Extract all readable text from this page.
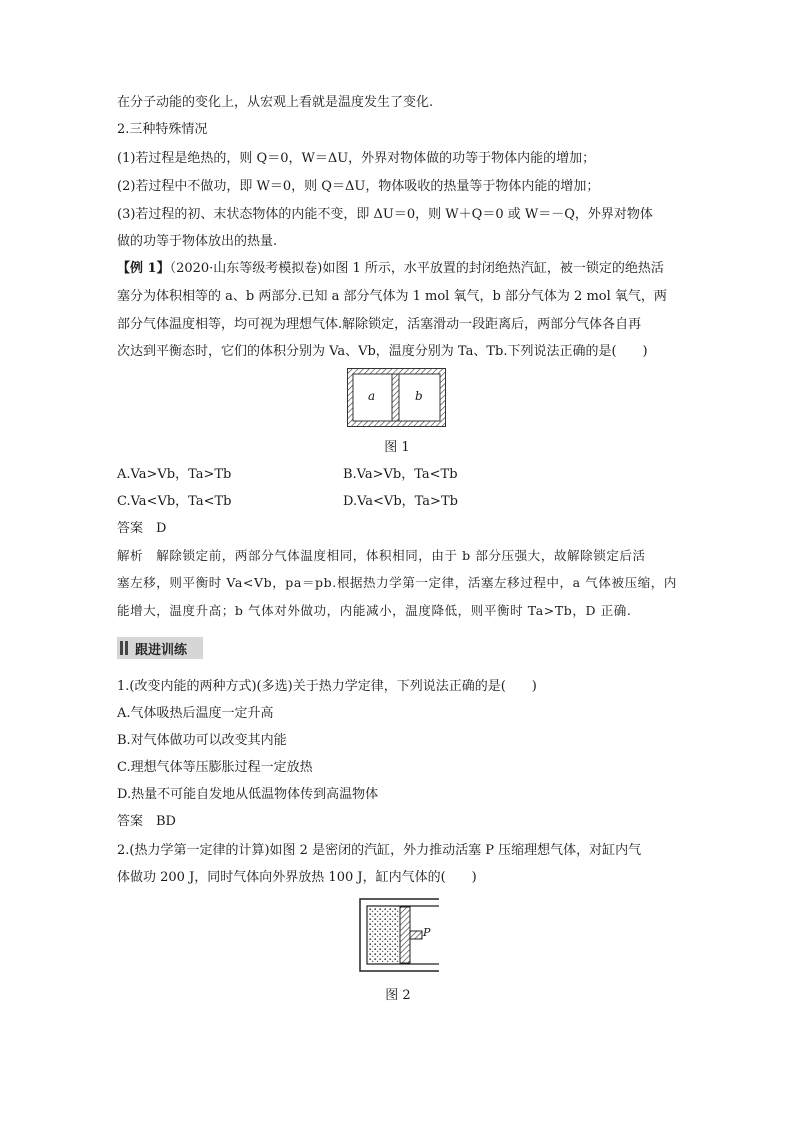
在分子动能的变化上，从宏观上看就是温度发生了变化.
2.三种特殊情况
(1)若过程是绝热的，则 Q＝0，W＝ΔU，外界对物体做的功等于物体内能的增加；
(2)若过程中不做功，即 W＝0，则 Q＝ΔU，物体吸收的热量等于物体内能的增加；
(3)若过程的初、末状态物体的内能不变，即 ΔU＝0，则 W＋Q＝0 或 W＝－Q，外界对物体
做的功等于物体放出的热量.
【例 1】（2020·山东等级考模拟卷)如图 1 所示，水平放置的封闭绝热汽缸，被一锁定的绝热活
塞分为体积相等的 a、b 两部分.已知 a 部分气体为 1 mol 氧气，b 部分气体为 2 mol 氧气，两
部分气体温度相等，均可视为理想气体.解除锁定，活塞滑动一段距离后，两部分气体各自再
次达到平衡态时，它们的体积分别为 Va、Vb，温度分别为 Ta、Tb.下列说法正确的是(　　)
a	b
图 1
A.Va>Vb，Ta>Tb	B.Va>Vb，Ta<Tb
C.Va<Vb，Ta<Tb	D.Va<Vb，Ta>Tb
答案　D
解析　解除锁定前，两部分气体温度相同，体积相同，由于 b 部分压强大，故解除锁定后活
塞左移，则平衡时 Va<Vb，pa＝pb.根据热力学第一定律，活塞左移过程中，a 气体被压缩，内
能增大，温度升高；b 气体对外做功，内能减小，温度降低，则平衡时 Ta>Tb，D 正确.
跟进训练
1.(改变内能的两种方式)(多选)关于热力学定律，下列说法正确的是(　　)
A.气体吸热后温度一定升高
B.对气体做功可以改变其内能
C.理想气体等压膨胀过程一定放热
D.热量不可能自发地从低温物体传到高温物体
答案　BD
2.(热力学第一定律的计算)如图 2 是密闭的汽缸，外力推动活塞 P 压缩理想气体，对缸内气
体做功 200 J，同时气体向外界放热 100 J，缸内气体的(　　)
P
图 2
